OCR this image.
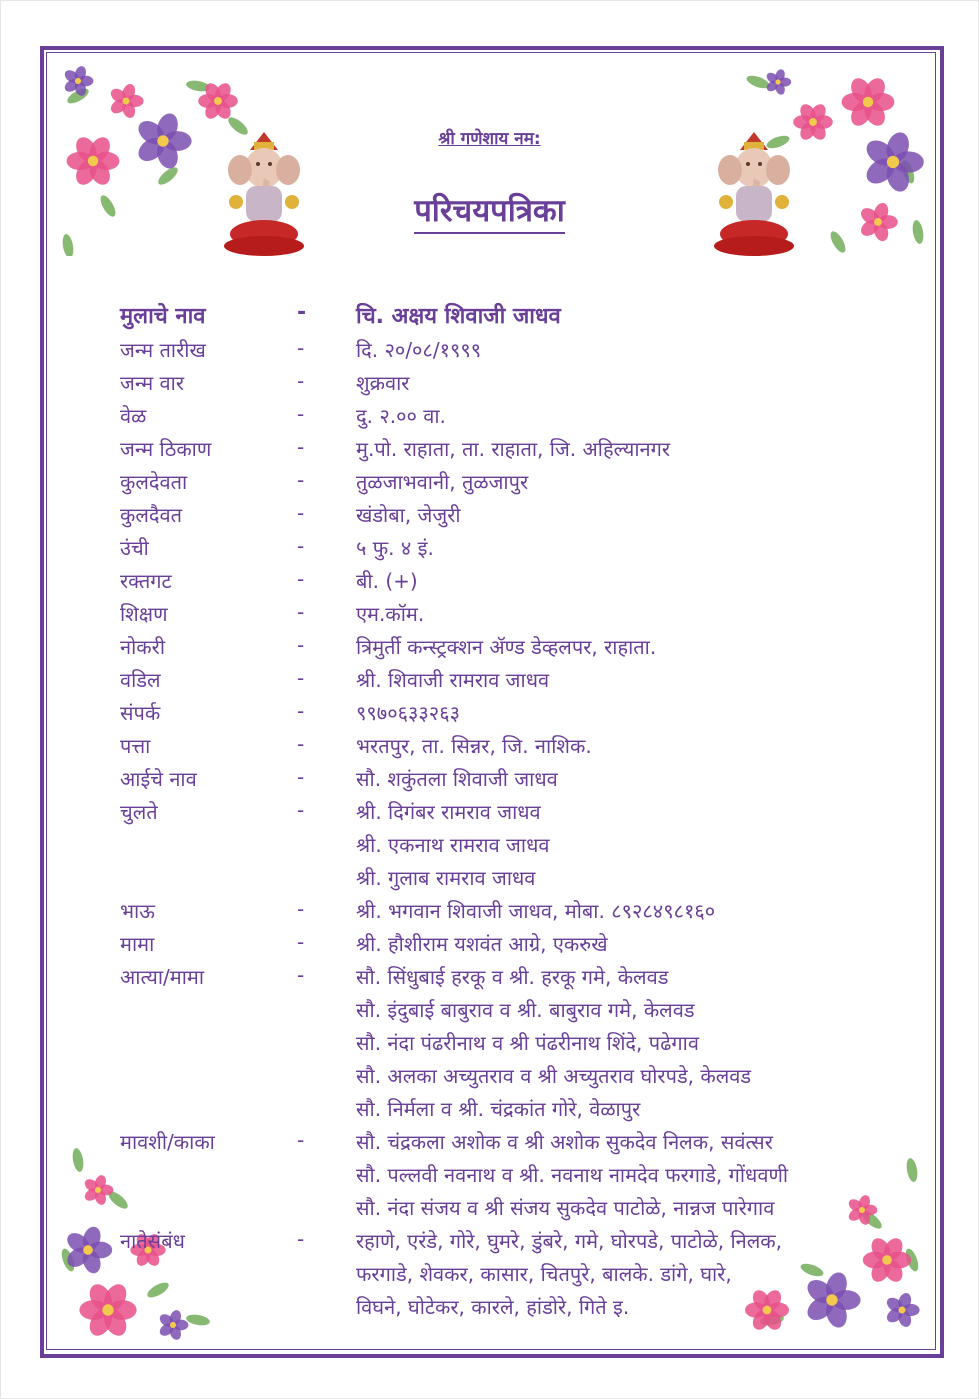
श्री गणेशाय नम:
परिचयपत्रिका
मुलाचे नाव	- चि. अक्षय शिवाजी जाधव
जन्म तारीख	-	दि. २०/०८/१९९९
जन्म वार	-	शुक्रवार
वेळ	-	दु. २.०० वा.
जन्म ठिकाण	-	मु.पो. राहाता, ता. राहाता, जि. अहिल्यानगर
कुलदेवता	-	तुळजाभवानी, तुळजापुर
कुलदैवत	-	खंडोबा, जेजुरी
उंची	-	५ फु. ४ इं.
रक्तगट	-	बी. (+)
शिक्षण	-	एम.कॉम.
नोकरी	-	त्रिमुर्ती कन्स्ट्रक्शन ॲण्ड डेव्हलपर, राहाता.
वडिल	-	श्री. शिवाजी रामराव जाधव
संपर्क	-	९९७०६३३२६३
पत्ता	-	भरतपुर, ता. सिन्नर, जि. नाशिक.
आईचे नाव	-	सौ. शकुंतला शिवाजी जाधव
चुलते	-	श्री. दिगंबर रामराव जाधव
श्री. एकनाथ रामराव जाधव
श्री. गुलाब रामराव जाधव
भाऊ	-	श्री. भगवान शिवाजी जाधव, मोबा. ८९२८४९८१६०
मामा	-	श्री. हौशीराम यशवंत आग्रे, एकरुखे
आत्या/मामा	-	सौ. सिंधुबाई हरकू व श्री. हरकू गमे, केलवड
सौ. इंदुबाई बाबुराव व श्री. बाबुराव गमे, केलवड
सौ. नंदा पंढरीनाथ व श्री पंढरीनाथ शिंदे, पढेगाव
सौ. अलका अच्युतराव व श्री अच्युतराव घोरपडे, केलवड
सौ. निर्मला व श्री. चंद्रकांत गोरे, वेळापुर
मावशी/काका	-	सौ. चंद्रकला अशोक व श्री अशोक सुकदेव निलक, सवंत्सर
सौ. पल्लवी नवनाथ व श्री. नवनाथ नामदेव फरगाडे, गोंधवणी
सौ. नंदा संजय व श्री संजय सुकदेव पाटोळे, नान्नज पारेगाव
नातेसंबंध	-	रहाणे, एरंडे, गोरे, घुमरे, डुंबरे, गमे, घोरपडे, पाटोळे, निलक,
फरगाडे, शेवकर, कासार, चितपुरे, बालके. डांगे, घारे,
विघने, घोटेकर, कारले, हांडोरे, गिते इ.
